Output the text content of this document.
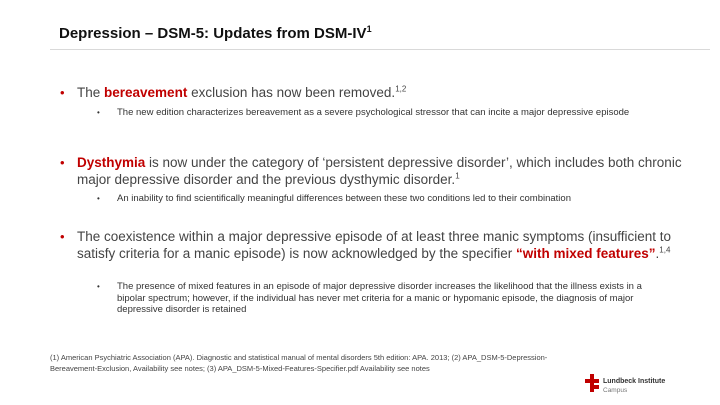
Depression – DSM-5: Updates from DSM-$IV^1$
• The bereavement exclusion has now been removed.$^{1,2}$
• The new edition characterizes bereavement as a severe psychological stressor that can incite a major depressive episode
• Dysthymia is now under the category of ‘persistent depressive disorder’, which includes both chronic major depressive disorder and the previous dysthymic disorder.$^1$
• An inability to find scientifically meaningful differences between these two conditions led to their combination
• The coexistence within a major depressive episode of at least three manic symptoms (insufficient to satisfy criteria for a manic episode) is now acknowledged by the specifier “with mixed features”.$^{1,4}$
• The presence of mixed features in an episode of major depressive disorder increases the likelihood that the illness exists in a bipolar spectrum; however, if the individual has never met criteria for a manic or hypomanic episode, the diagnosis of major depressive disorder is retained
(1) American Psychiatric Association (APA). Diagnostic and statistical manual of mental disorders 5th edition: APA. 2013; (2) APA_DSM-5-Depression-Bereavement-Exclusion, Availability see notes; (3) APA_DSM-5-Mixed-Features-Specifier.pdf Availability see notes
Lundbeck Institute
Campus
